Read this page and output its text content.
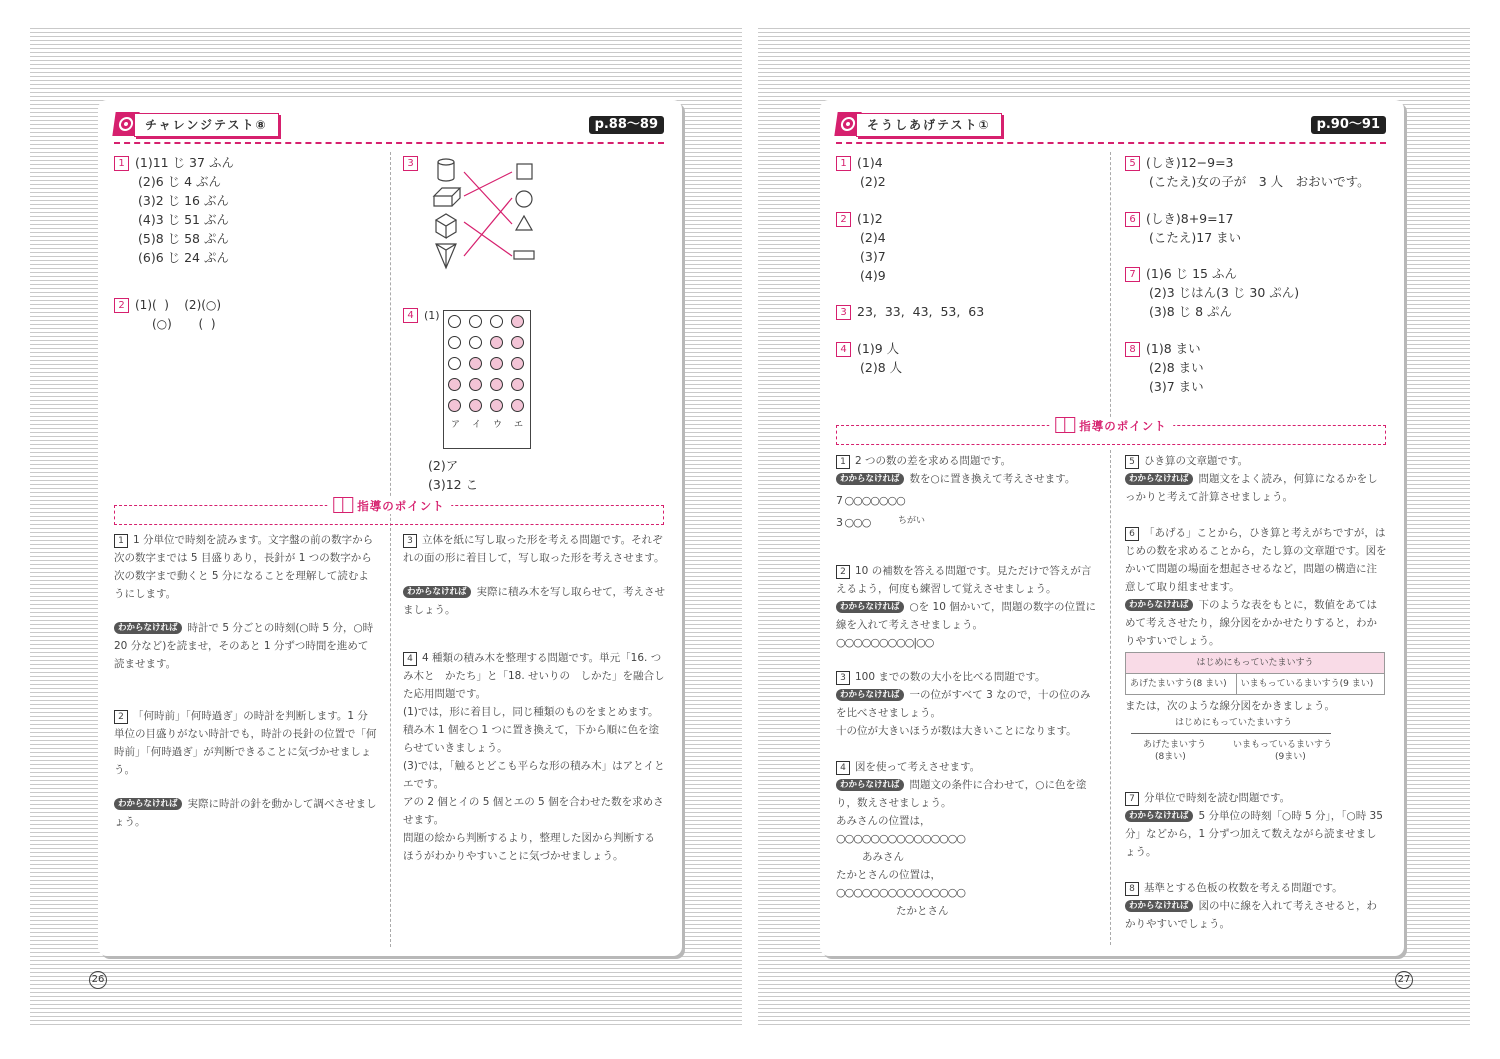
チャレンジテスト⑧	p.88〜89
1 (1)11 じ 37 ふん
(2)6 じ 4 ぶん
(3)2 じ 16 ぶん
(4)3 じ 51 ぶん
(5)8 じ 58 ぷん
(6)6 じ 24 ぷん
2 (1)(  )    (2)(○)
(○)       (  )
3
4 (1)
ア イ ウ エ
(2)ア
(3)12 こ
指導のポイント

1 1 分単位で時刻を読みます。文字盤の前の数字から次の数字までは 5 目盛りあり，長針が 1 つの数字から次の数字まで動くと 5 分になることを理解して読むようにします。

わからなければ 時計で 5 分ごとの時刻(○時 5 分，○時 20 分など)を読ませ，そのあと 1 分ずつ時間を進めて読ませます。

2 「何時前」「何時過ぎ」の時計を判断します。1 分単位の目盛りがない時計でも，時計の長針の位置で「何時前」「何時過ぎ」が判断できることに気づかせましょう。

わからなければ 実際に時計の針を動かして調べさせましょう。

3 立体を紙に写し取った形を考える問題です。それぞれの面の形に着目して，写し取った形を考えさせます。

わからなければ 実際に積み木を写し取らせて，考えさせましょう。

4 4 種類の積み木を整理する問題です。単元「16. つみ木と　かたち」と「18. せいりの　しかた」を融合した応用問題です。

(1)では，形に着目し，同じ種類のものをまとめます。積み木 1 個を○ 1 つに置き換えて，下から順に色を塗らせていきましょう。

(3)では，「触るとどこも平らな形の積み木」はアとイとエです。

アの 2 個とイの 5 個とエの 5 個を合わせた数を求めさせます。

問題の絵から判断するより，整理した図から判断するほうがわかりやすいことに気づかせましょう。

26
そうしあげテスト①	p.90〜91
1 (1)4
(2)2
2 (1)2
(2)4
(3)7
(4)9
3 23,  33,  43,  53,  63
4 (1)9 人
(2)8 人
5 (しき)12−9=3
(こたえ)女の子が　3 人　おおいです。
6 (しき)8+9=17
(こたえ)17 まい
7 (1)6 じ 15 ふん
(2)3 じはん(3 じ 30 ぷん)
(3)8 じ 8 ぷん
8 (1)8 まい
(2)8 まい
(3)7 まい
指導のポイント

1 2 つの数の差を求める問題です。

わからなければ 数を○に置き換えて考えさせます。

7 ○○○○○○○
3 ○○○	ちがい

2 10 の補数を答える問題です。見ただけで答えが言えるよう，何度も練習して覚えさせましょう。

わからなければ ○を 10 個かいて，問題の数字の位置に線を入れて考えさせましょう。

○○○○○○○○○|○○

3 100 までの数の大小を比べる問題です。

わからなければ 一の位がすべて 3 なので，十の位のみを比べさせましょう。

十の位が大きいほうが数は大きいことになります。

4 図を使って考えさせます。

わからなければ 問題文の条件に合わせて，○に色を塗り，数えさせましょう。

あみさんの位置は，

○○○○○○○○○○○○○○○

あみさん

たかとさんの位置は，

○○○○○○○○○○○○○○○

たかとさん

5 ひき算の文章題です。

わからなければ 問題文をよく読み，何算になるかをしっかりと考えて計算させましょう。

6 「あげる」ことから，ひき算と考えがちですが，はじめの数を求めることから，たし算の文章題です。図をかいて問題の場面を想起させるなど，問題の構造に注意して取り組ませます。

わからなければ 下のような表をもとに，数値をあてはめて考えさせたり，線分図をかかせたりすると，わかりやすいでしょう。

はじめにもっていたまいすう
あげたまいすう(8 まい)	いまもっているまいすう(9 まい)

または，次のような線分図をかきましょう。

はじめにもっていたまいすう
あげたまいすう
(8まい)
いまもっているまいすう
(9まい)

7 分単位で時刻を読む問題です。

わからなければ 5 分単位の時刻「○時 5 分」，「○時 35 分」などから，1 分ずつ加えて数えながら読ませましょう。

8 基準とする色板の枚数を考える問題です。

わからなければ 図の中に線を入れて考えさせると，わかりやすいでしょう。

27
